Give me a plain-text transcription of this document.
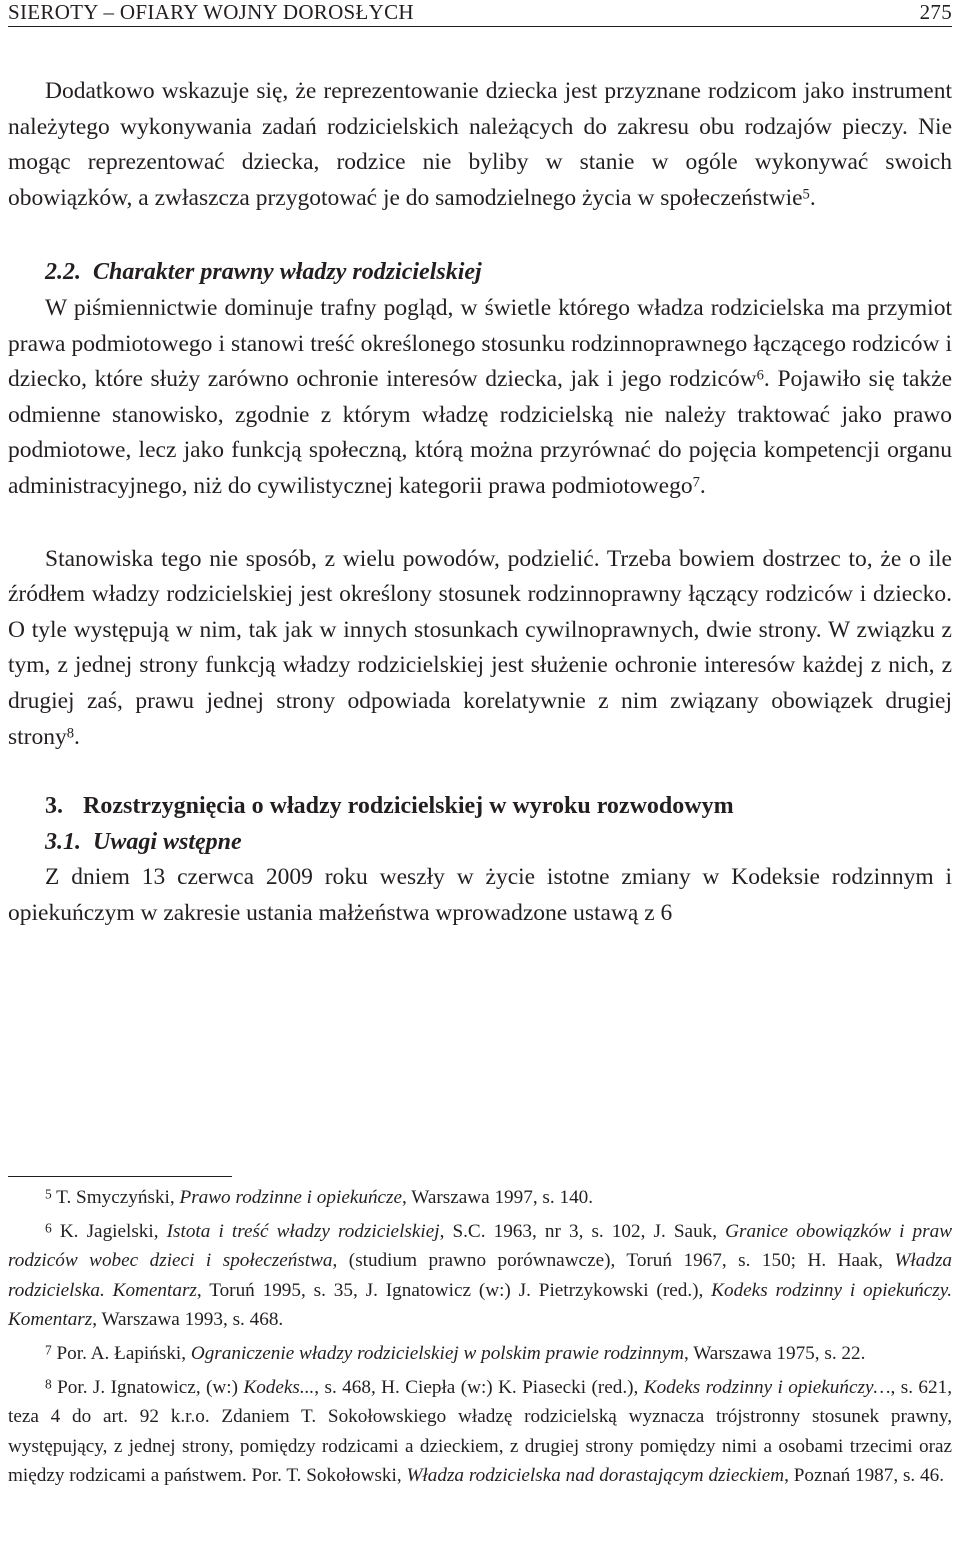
SIEROTY – OFIARY WOJNY DOROSŁYCH	275

Dodatkowo wskazuje się, że reprezentowanie dziecka jest przyznane rodzicom jako instrument należytego wykonywania zadań rodzicielskich należących do zakresu obu rodzajów pieczy. Nie mogąc reprezentować dziecka, rodzice nie byliby w stanie w ogóle wykonywać swoich obowiązków, a zwłaszcza przygotować je do samodzielnego życia w społeczeństwie$^5$.

2.2. Charakter prawny władzy rodzicielskiej

W piśmiennictwie dominuje trafny pogląd, w świetle którego władza rodzicielska ma przymiot prawa podmiotowego i stanowi treść określonego stosunku rodzinnoprawnego łączącego rodziców i dziecko, które służy zarówno ochronie interesów dziecka, jak i jego rodziców$^6$. Pojawiło się także odmienne stanowisko, zgodnie z którym władzę rodzicielską nie należy traktować jako prawo podmiotowe, lecz jako funkcją społeczną, którą można przyrównać do pojęcia kompetencji organu administracyjnego, niż do cywilistycznej kategorii prawa podmiotowego$^7$.

Stanowiska tego nie sposób, z wielu powodów, podzielić. Trzeba bowiem dostrzec to, że o ile źródłem władzy rodzicielskiej jest określony stosunek rodzinnoprawny łączący rodziców i dziecko. O tyle występują w nim, tak jak w innych stosunkach cywilnoprawnych, dwie strony. W związku z tym, z jednej strony funkcją władzy rodzicielskiej jest służenie ochronie interesów każdej z nich, z drugiej zaś, prawu jednej strony odpowiada korelatywnie z nim związany obowiązek drugiej strony$^8$.

3. Rozstrzygnięcia o władzy rodzicielskiej w wyroku rozwodowym

3.1. Uwagi wstępne

Z dniem 13 czerwca 2009 roku weszły w życie istotne zmiany w Kodeksie rodzinnym i opiekuńczym w zakresie ustania małżeństwa wprowadzone ustawą z 6

$^5$ T. Smyczyński, Prawo rodzinne i opiekuńcze, Warszawa 1997, s. 140.

$^6$ K. Jagielski, Istota i treść władzy rodzicielskiej, S.C. 1963, nr 3, s. 102, J. Sauk, Granice obowiązków i praw rodziców wobec dzieci i społeczeństwa, (studium prawno porównawcze), Toruń 1967, s. 150; H. Haak, Władza rodzicielska. Komentarz, Toruń 1995, s. 35, J. Ignatowicz (w:) J. Pietrzykowski (red.), Kodeks rodzinny i opiekuńczy. Komentarz, Warszawa 1993, s. 468.

$^7$ Por. A. Łapiński, Ograniczenie władzy rodzicielskiej w polskim prawie rodzinnym, Warszawa 1975, s. 22.

$^8$ Por. J. Ignatowicz, (w:) Kodeks..., s. 468, H. Ciepła (w:) K. Piasecki (red.), Kodeks rodzinny i opiekuńczy…, s. 621, teza 4 do art. 92 k.r.o. Zdaniem T. Sokołowskiego władzę rodzicielską wyznacza trójstronny stosunek prawny, występujący, z jednej strony, pomiędzy rodzicami a dzieckiem, z drugiej strony pomiędzy nimi a osobami trzecimi oraz między rodzicami a państwem. Por. T. Sokołowski, Władza rodzicielska nad dorastającym dzieckiem, Poznań 1987, s. 46.
